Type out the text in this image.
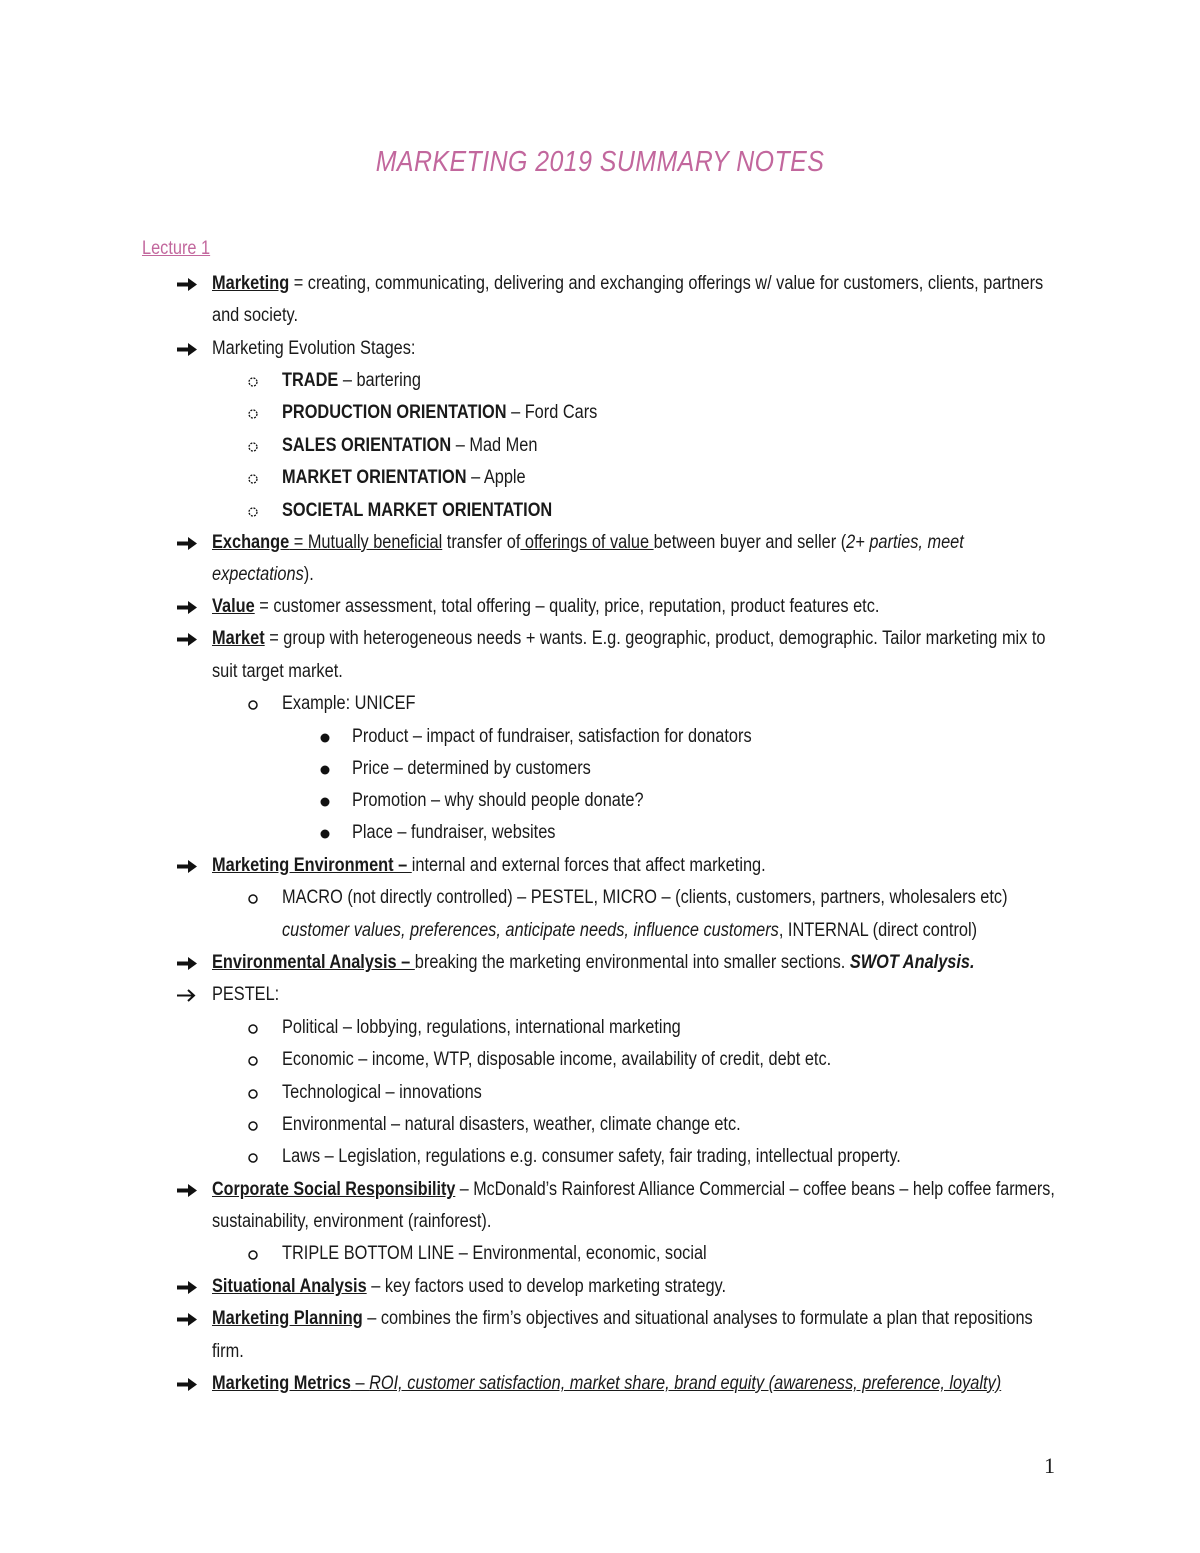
MARKETING 2019 SUMMARY NOTES
Lecture 1
Marketing = creating, communicating, delivering and exchanging offerings w/ value for customers, clients, partners
and society.
Marketing Evolution Stages:
TRADE – bartering
PRODUCTION ORIENTATION – Ford Cars
SALES ORIENTATION – Mad Men
MARKET ORIENTATION – Apple
SOCIETAL MARKET ORIENTATION
Exchange = Mutually beneficial transfer of offerings of value between buyer and seller (2+ parties, meet
expectations).
Value = customer assessment, total offering – quality, price, reputation, product features etc.
Market = group with heterogeneous needs + wants. E.g. geographic, product, demographic. Tailor marketing mix to
suit target market.
Example: UNICEF
Product – impact of fundraiser, satisfaction for donators
Price – determined by customers
Promotion – why should people donate?
Place – fundraiser, websites
Marketing Environment – internal and external forces that affect marketing.
MACRO (not directly controlled) – PESTEL, MICRO – (clients, customers, partners, wholesalers etc)
customer values, preferences, anticipate needs, influence customers, INTERNAL (direct control)
Environmental Analysis – breaking the marketing environmental into smaller sections. SWOT Analysis.
PESTEL:
Political – lobbying, regulations, international marketing
Economic – income, WTP, disposable income, availability of credit, debt etc.
Technological – innovations
Environmental – natural disasters, weather, climate change etc.
Laws – Legislation, regulations e.g. consumer safety, fair trading, intellectual property.
Corporate Social Responsibility – McDonald’s Rainforest Alliance Commercial – coffee beans – help coffee farmers,
sustainability, environment (rainforest).
TRIPLE BOTTOM LINE – Environmental, economic, social
Situational Analysis – key factors used to develop marketing strategy.
Marketing Planning – combines the firm’s objectives and situational analyses to formulate a plan that repositions
firm.
Marketing Metrics – ROI, customer satisfaction, market share, brand equity (awareness, preference, loyalty)
1
